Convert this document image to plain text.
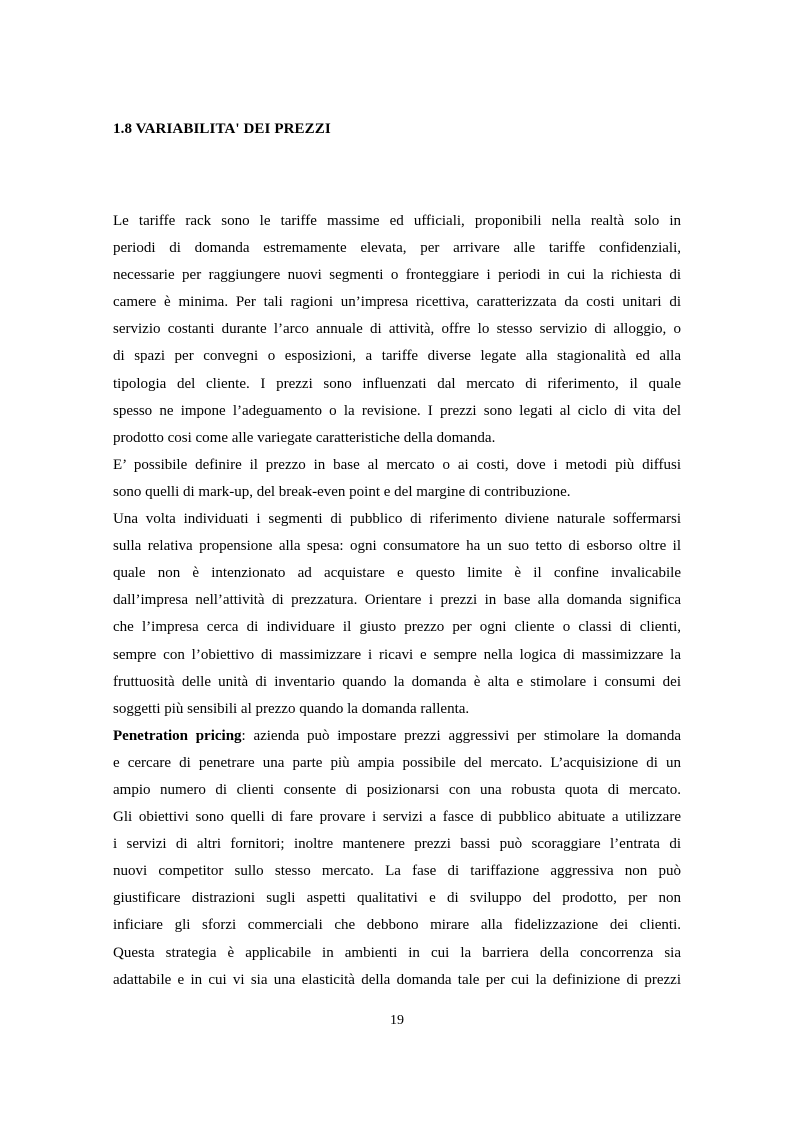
1.8 VARIABILITA' DEI PREZZI
Le tariffe rack sono le tariffe massime ed ufficiali, proponibili nella realtà solo in
periodi di domanda estremamente elevata, per arrivare alle tariffe confidenziali,
necessarie per raggiungere nuovi segmenti o fronteggiare i periodi in cui la richiesta di
camere è minima. Per tali ragioni un’impresa ricettiva, caratterizzata da costi unitari di
servizio costanti durante l’arco annuale di attività, offre lo stesso servizio di alloggio, o
di spazi per convegni o esposizioni, a tariffe diverse legate alla stagionalità ed alla
tipologia del cliente. I prezzi sono influenzati dal mercato di riferimento, il quale
spesso ne impone l’adeguamento o la revisione. I prezzi sono legati al ciclo di vita del
prodotto cosi come alle variegate caratteristiche della domanda.
E’ possibile definire il prezzo in base al mercato o ai costi, dove i metodi più diffusi
sono quelli di mark-up, del break-even point e del margine di contribuzione.
Una volta individuati i segmenti di pubblico di riferimento diviene naturale soffermarsi
sulla relativa propensione alla spesa: ogni consumatore ha un suo tetto di esborso oltre il
quale non è intenzionato ad acquistare e questo limite è il confine invalicabile
dall’impresa nell’attività di prezzatura. Orientare i prezzi in base alla domanda significa
che l’impresa cerca di individuare il giusto prezzo per ogni cliente o classi di clienti,
sempre con l’obiettivo di massimizzare i ricavi e sempre nella logica di massimizzare la
fruttuosità delle unità di inventario quando la domanda è alta e stimolare i consumi dei
soggetti più sensibili al prezzo quando la domanda rallenta.
Penetration pricing: azienda può impostare prezzi aggressivi per stimolare la domanda
e cercare di penetrare una parte più ampia possibile del mercato. L’acquisizione di un
ampio numero di clienti consente di posizionarsi con una robusta quota di mercato.
Gli obiettivi sono quelli di fare provare i servizi a fasce di pubblico abituate a utilizzare
i servizi di altri fornitori; inoltre mantenere prezzi bassi può scoraggiare l’entrata di
nuovi competitor sullo stesso mercato. La fase di tariffazione aggressiva non può
giustificare distrazioni sugli aspetti qualitativi e di sviluppo del prodotto, per non
inficiare gli sforzi commerciali che debbono mirare alla fidelizzazione dei clienti.
Questa strategia è applicabile in ambienti in cui la barriera della concorrenza sia
adattabile e in cui vi sia una elasticità della domanda tale per cui la definizione di prezzi
19
